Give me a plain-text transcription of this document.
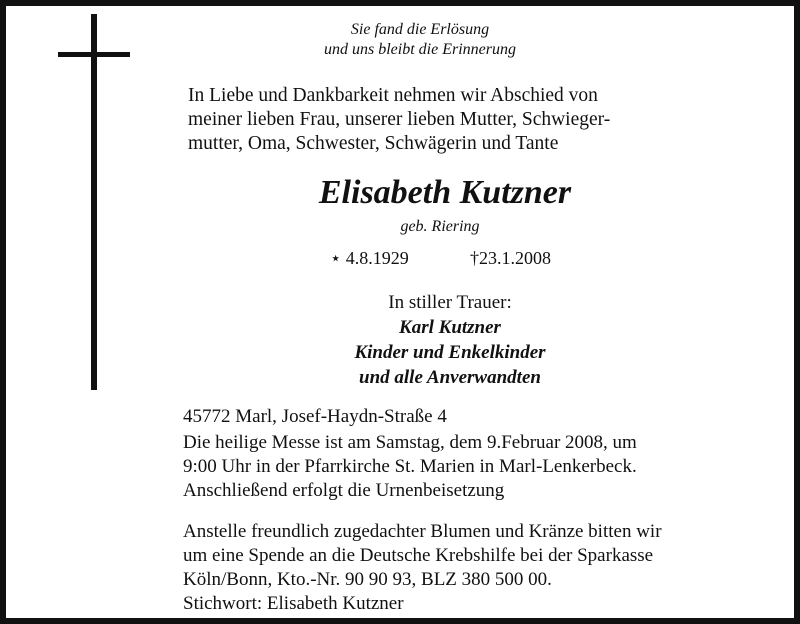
Sie fand die Erlösung
und uns bleibt die Erinnerung
In Liebe und Dankbarkeit nehmen wir Abschied von
meiner lieben Frau, unserer lieben Mutter, Schwieger-
mutter, Oma, Schwester, Schwägerin und Tante
Elisabeth Kutzner
geb. Riering
⋆ 4.8.1929	†23.1.2008
In stiller Trauer:
Karl Kutzner
Kinder und Enkelkinder
und alle Anverwandten
45772 Marl, Josef-Haydn-Straße 4
Die heilige Messe ist am Samstag, dem 9.Februar 2008, um
9:00 Uhr in der Pfarrkirche St. Marien in Marl-Lenkerbeck.
Anschließend erfolgt die Urnenbeisetzung
Anstelle freundlich zugedachter Blumen und Kränze bitten wir
um eine Spende an die Deutsche Krebshilfe bei der Sparkasse
Köln/Bonn, Kto.-Nr. 90 90 93, BLZ 380 500 00.
Stichwort: Elisabeth Kutzner
